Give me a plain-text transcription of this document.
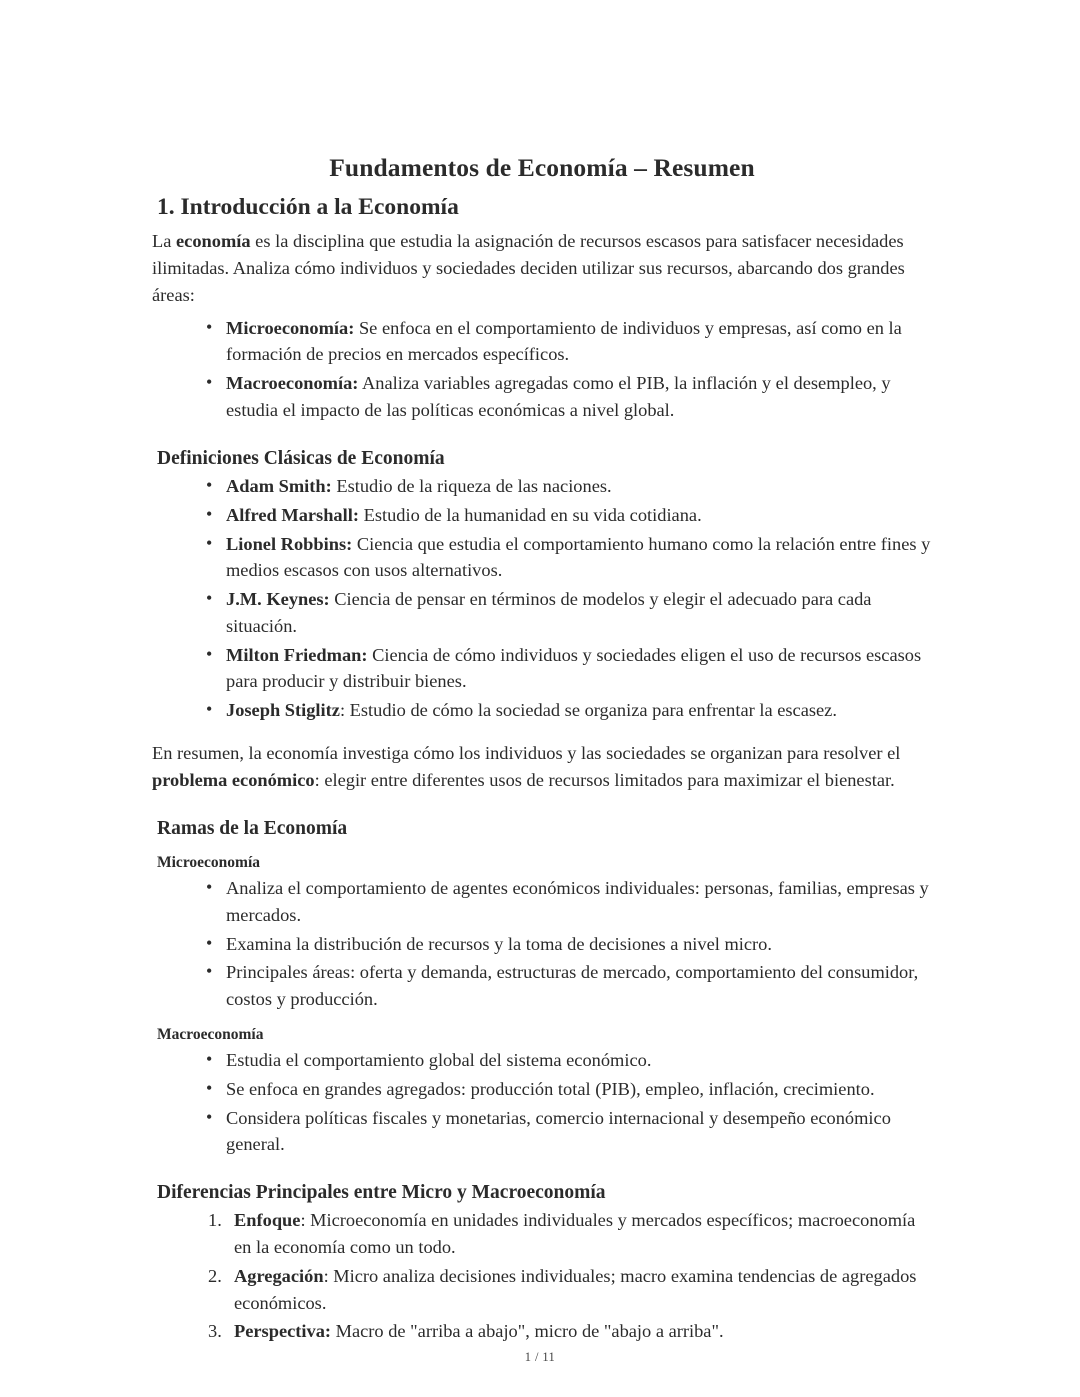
Fundamentos de Economía – Resumen
1. Introducción a la Economía

La economía es la disciplina que estudia la asignación de recursos escasos para satisfacer necesidades ilimitadas. Analiza cómo individuos y sociedades deciden utilizar sus recursos, abarcando dos grandes áreas:

• Microeconomía: Se enfoca en el comportamiento de individuos y empresas, así como en la formación de precios en mercados específicos.
• Macroeconomía: Analiza variables agregadas como el PIB, la inflación y el desempleo, y estudia el impacto de las políticas económicas a nivel global.
Definiciones Clásicas de Economía
• Adam Smith: Estudio de la riqueza de las naciones.
• Alfred Marshall: Estudio de la humanidad en su vida cotidiana.
• Lionel Robbins: Ciencia que estudia el comportamiento humano como la relación entre fines y medios escasos con usos alternativos.
• J.M. Keynes: Ciencia de pensar en términos de modelos y elegir el adecuado para cada situación.
• Milton Friedman: Ciencia de cómo individuos y sociedades eligen el uso de recursos escasos para producir y distribuir bienes.
• Joseph Stiglitz: Estudio de cómo la sociedad se organiza para enfrentar la escasez.

En resumen, la economía investiga cómo los individuos y las sociedades se organizan para resolver el problema económico: elegir entre diferentes usos de recursos limitados para maximizar el bienestar.

Ramas de la Economía
Microeconomía
• Analiza el comportamiento de agentes económicos individuales: personas, familias, empresas y mercados.
• Examina la distribución de recursos y la toma de decisiones a nivel micro.
• Principales áreas: oferta y demanda, estructuras de mercado, comportamiento del consumidor, costos y producción.
Macroeconomía
• Estudia el comportamiento global del sistema económico.
• Se enfoca en grandes agregados: producción total (PIB), empleo, inflación, crecimiento.
• Considera políticas fiscales y monetarias, comercio internacional y desempeño económico general.
Diferencias Principales entre Micro y Macroeconomía
Enfoque: Microeconomía en unidades individuales y mercados específicos; macroeconomía en la economía como un todo.
Agregación: Micro analiza decisiones individuales; macro examina tendencias de agregados económicos.
Perspectiva: Macro de "arriba a abajo", micro de "abajo a arriba".
1 / 11
